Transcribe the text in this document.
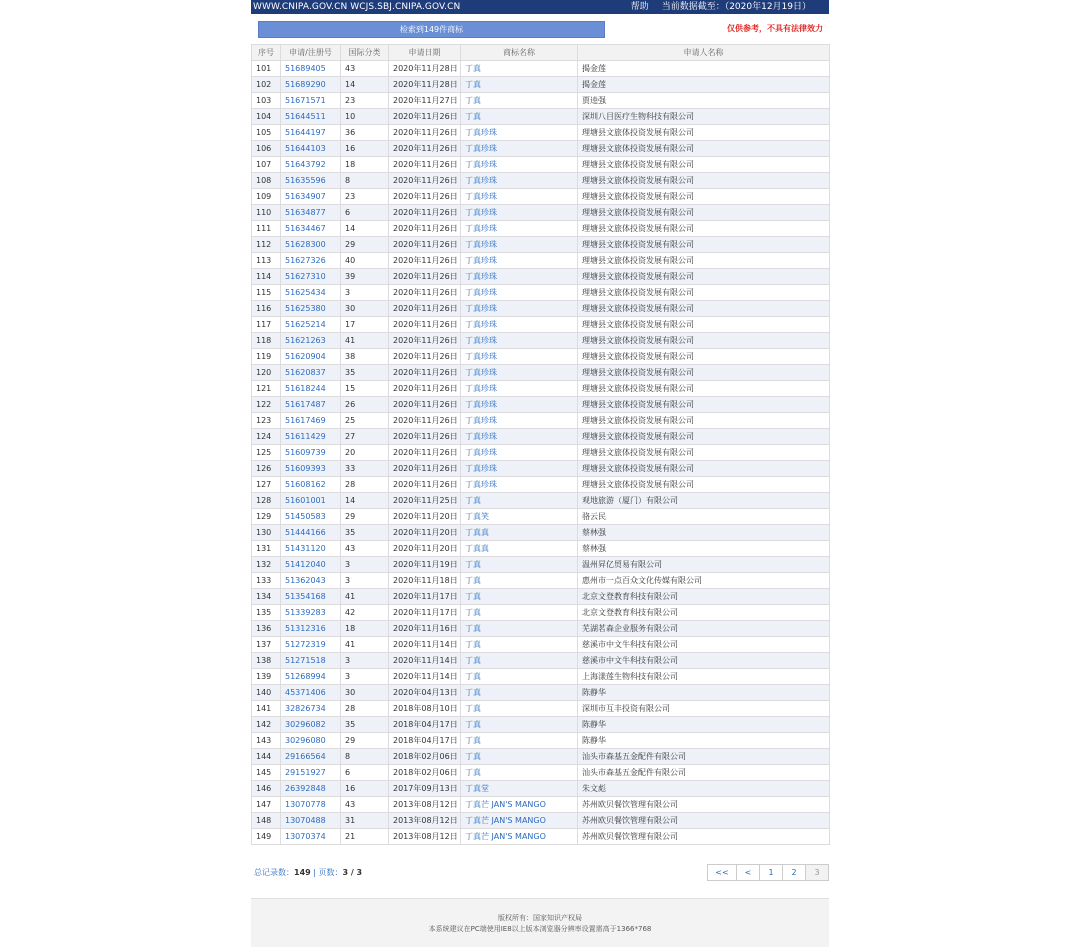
WWW.CNIPA.GOV.CN WCJS.SBJ.CNIPA.GOV.CN	帮助 当前数据截至：（2020年12月19日）
检索到149件商标	仅供参考，不具有法律效力
序号	申请/注册号	国际分类	申请日期	商标名称	申请人名称
101	51689405	43	2020年11月28日	丁真	揭金莲
102	51689290	14	2020年11月28日	丁真	揭金莲
103	51671571	23	2020年11月27日	丁真	贾逵强
104	51644511	10	2020年11月26日	丁真	深圳八目医疗生物科技有限公司
105	51644197	36	2020年11月26日	丁真珍珠	理塘县文旅体投资发展有限公司
106	51644103	16	2020年11月26日	丁真珍珠	理塘县文旅体投资发展有限公司
107	51643792	18	2020年11月26日	丁真珍珠	理塘县文旅体投资发展有限公司
108	51635596	8	2020年11月26日	丁真珍珠	理塘县文旅体投资发展有限公司
109	51634907	23	2020年11月26日	丁真珍珠	理塘县文旅体投资发展有限公司
110	51634877	6	2020年11月26日	丁真珍珠	理塘县文旅体投资发展有限公司
111	51634467	14	2020年11月26日	丁真珍珠	理塘县文旅体投资发展有限公司
112	51628300	29	2020年11月26日	丁真珍珠	理塘县文旅体投资发展有限公司
113	51627326	40	2020年11月26日	丁真珍珠	理塘县文旅体投资发展有限公司
114	51627310	39	2020年11月26日	丁真珍珠	理塘县文旅体投资发展有限公司
115	51625434	3	2020年11月26日	丁真珍珠	理塘县文旅体投资发展有限公司
116	51625380	30	2020年11月26日	丁真珍珠	理塘县文旅体投资发展有限公司
117	51625214	17	2020年11月26日	丁真珍珠	理塘县文旅体投资发展有限公司
118	51621263	41	2020年11月26日	丁真珍珠	理塘县文旅体投资发展有限公司
119	51620904	38	2020年11月26日	丁真珍珠	理塘县文旅体投资发展有限公司
120	51620837	35	2020年11月26日	丁真珍珠	理塘县文旅体投资发展有限公司
121	51618244	15	2020年11月26日	丁真珍珠	理塘县文旅体投资发展有限公司
122	51617487	26	2020年11月26日	丁真珍珠	理塘县文旅体投资发展有限公司
123	51617469	25	2020年11月26日	丁真珍珠	理塘县文旅体投资发展有限公司
124	51611429	27	2020年11月26日	丁真珍珠	理塘县文旅体投资发展有限公司
125	51609739	20	2020年11月26日	丁真珍珠	理塘县文旅体投资发展有限公司
126	51609393	33	2020年11月26日	丁真珍珠	理塘县文旅体投资发展有限公司
127	51608162	28	2020年11月26日	丁真珍珠	理塘县文旅体投资发展有限公司
128	51601001	14	2020年11月25日	丁真	观地旅游（厦门）有限公司
129	51450583	29	2020年11月20日	丁真笑	骆云民
130	51444166	35	2020年11月20日	丁真真	蔡林强
131	51431120	43	2020年11月20日	丁真真	蔡林强
132	51412040	3	2020年11月19日	丁真	温州昇亿贸易有限公司
133	51362043	3	2020年11月18日	丁真	惠州市一点百众文化传媒有限公司
134	51354168	41	2020年11月17日	丁真	北京文登教育科技有限公司
135	51339283	42	2020年11月17日	丁真	北京文登教育科技有限公司
136	51312316	18	2020年11月16日	丁真	芜湖茗森企业服务有限公司
137	51272319	41	2020年11月14日	丁真	慈溪市中文牛科技有限公司
138	51271518	3	2020年11月14日	丁真	慈溪市中文牛科技有限公司
139	51268994	3	2020年11月14日	丁真	上海漾莲生物科技有限公司
140	45371406	30	2020年04月13日	丁真	陈静华
141	32826734	28	2018年08月10日	丁真	深圳市互丰投资有限公司
142	30296082	35	2018年04月17日	丁真	陈静华
143	30296080	29	2018年04月17日	丁真	陈静华
144	29166564	8	2018年02月06日	丁真	汕头市森基五金配件有限公司
145	29151927	6	2018年02月06日	丁真	汕头市森基五金配件有限公司
146	26392848	16	2017年09月13日	丁真堂	朱文彪
147	13070778	43	2013年08月12日	丁真芒 JAN'S MANGO	苏州欧贝餐饮管理有限公司
148	13070488	31	2013年08月12日	丁真芒 JAN'S MANGO	苏州欧贝餐饮管理有限公司
149	13070374	21	2013年08月12日	丁真芒 JAN'S MANGO	苏州欧贝餐饮管理有限公司
总记录数：149 | 页数：3 / 3	<<	<	1	2	3
版权所有：国家知识产权局
本系统建议在PC端使用IE8以上版本浏览器分辨率设置需高于1366*768
